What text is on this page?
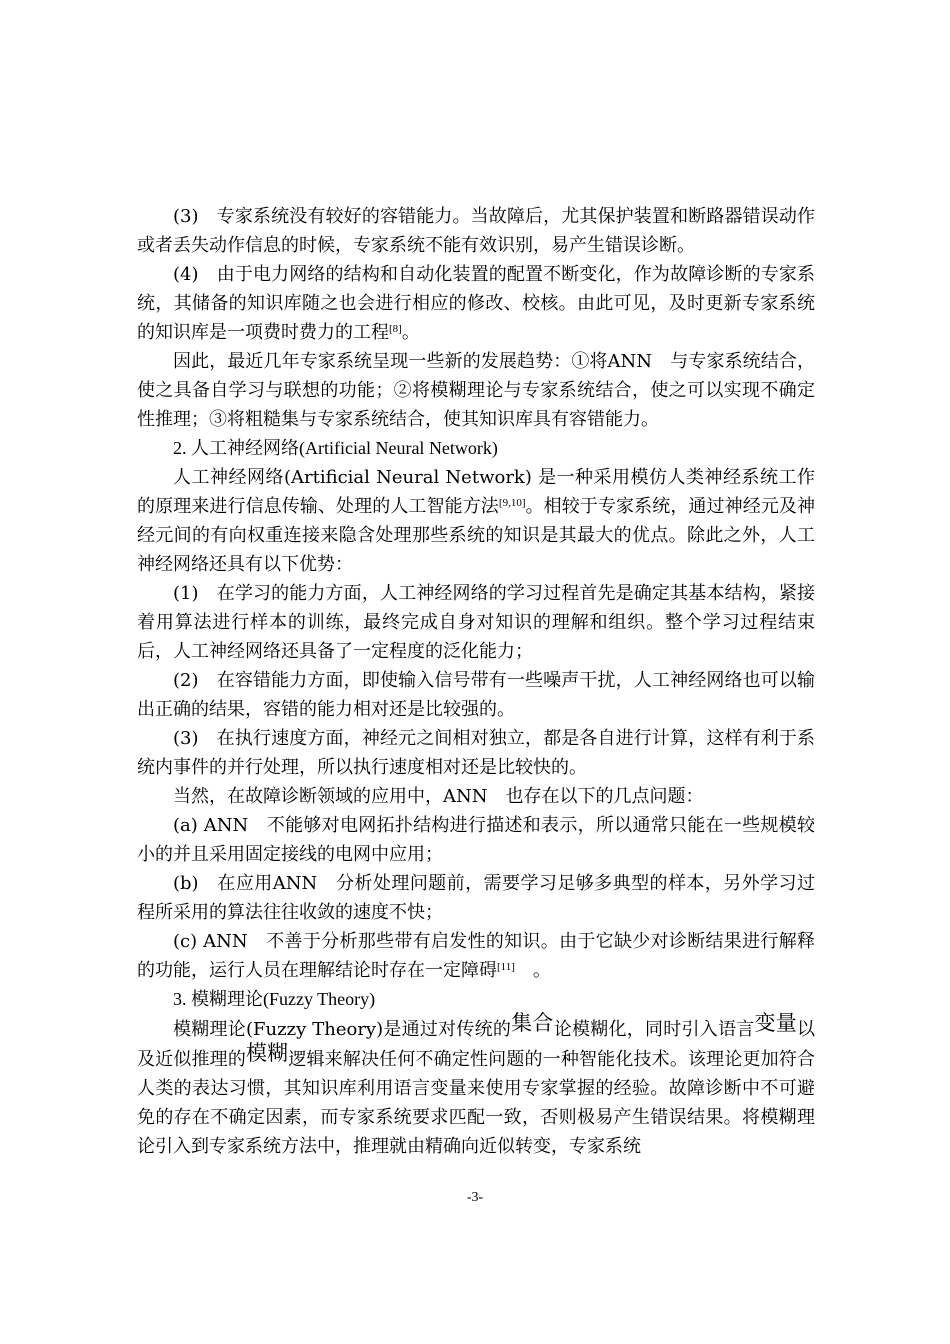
(3)　专家系统没有较好的容错能力。当故障后，尤其保护装置和断路器错误动作或者丢失动作信息的时候，专家系统不能有效识别，易产生错误诊断。

(4)　由于电力网络的结构和自动化装置的配置不断变化，作为故障诊断的专家系统，其储备的知识库随之也会进行相应的修改、校核。由此可见，及时更新专家系统的知识库是一项费时费力的工程[8]。

因此，最近几年专家系统呈现一些新的发展趋势：①将ANN　与专家系统结合，使之具备自学习与联想的功能；②将模糊理论与专家系统结合，使之可以实现不确定性推理；③将粗糙集与专家系统结合，使其知识库具有容错能力。

2. 人工神经网络(Artificial Neural Network)

人工神经网络(Artificial Neural Network) 是一种采用模仿人类神经系统工作的原理来进行信息传输、处理的人工智能方法[9,10]。相较于专家系统，通过神经元及神经元间的有向权重连接来隐含处理那些系统的知识是其最大的优点。除此之外，人工神经网络还具有以下优势：

(1)　在学习的能力方面，人工神经网络的学习过程首先是确定其基本结构，紧接着用算法进行样本的训练，最终完成自身对知识的理解和组织。整个学习过程结束后，人工神经网络还具备了一定程度的泛化能力；

(2)　在容错能力方面，即使输入信号带有一些噪声干扰，人工神经网络也可以输出正确的结果，容错的能力相对还是比较强的。

(3)　在执行速度方面，神经元之间相对独立，都是各自进行计算，这样有利于系统内事件的并行处理，所以执行速度相对还是比较快的。

当然，在故障诊断领域的应用中，ANN　也存在以下的几点问题：

(a) ANN　不能够对电网拓扑结构进行描述和表示，所以通常只能在一些规模较小的并且采用固定接线的电网中应用；

(b)　在应用ANN　分析处理问题前，需要学习足够多典型的样本，另外学习过程所采用的算法往往收敛的速度不快；

(c) ANN　不善于分析那些带有启发性的知识。由于它缺少对诊断结果进行解释的功能，运行人员在理解结论时存在一定障碍[11]　。

3. 模糊理论(Fuzzy Theory)

模糊理论(Fuzzy Theory)是通过对传统的集合论模糊化，同时引入语言变量以及近似推理的模糊逻辑来解决任何不确定性问题的一种智能化技术。该理论更加符合人类的表达习惯，其知识库利用语言变量来使用专家掌握的经验。故障诊断中不可避免的存在不确定因素，而专家系统要求匹配一致，否则极易产生错误结果。将模糊理论引入到专家系统方法中，推理就由精确向近似转变，专家系统

-3-
